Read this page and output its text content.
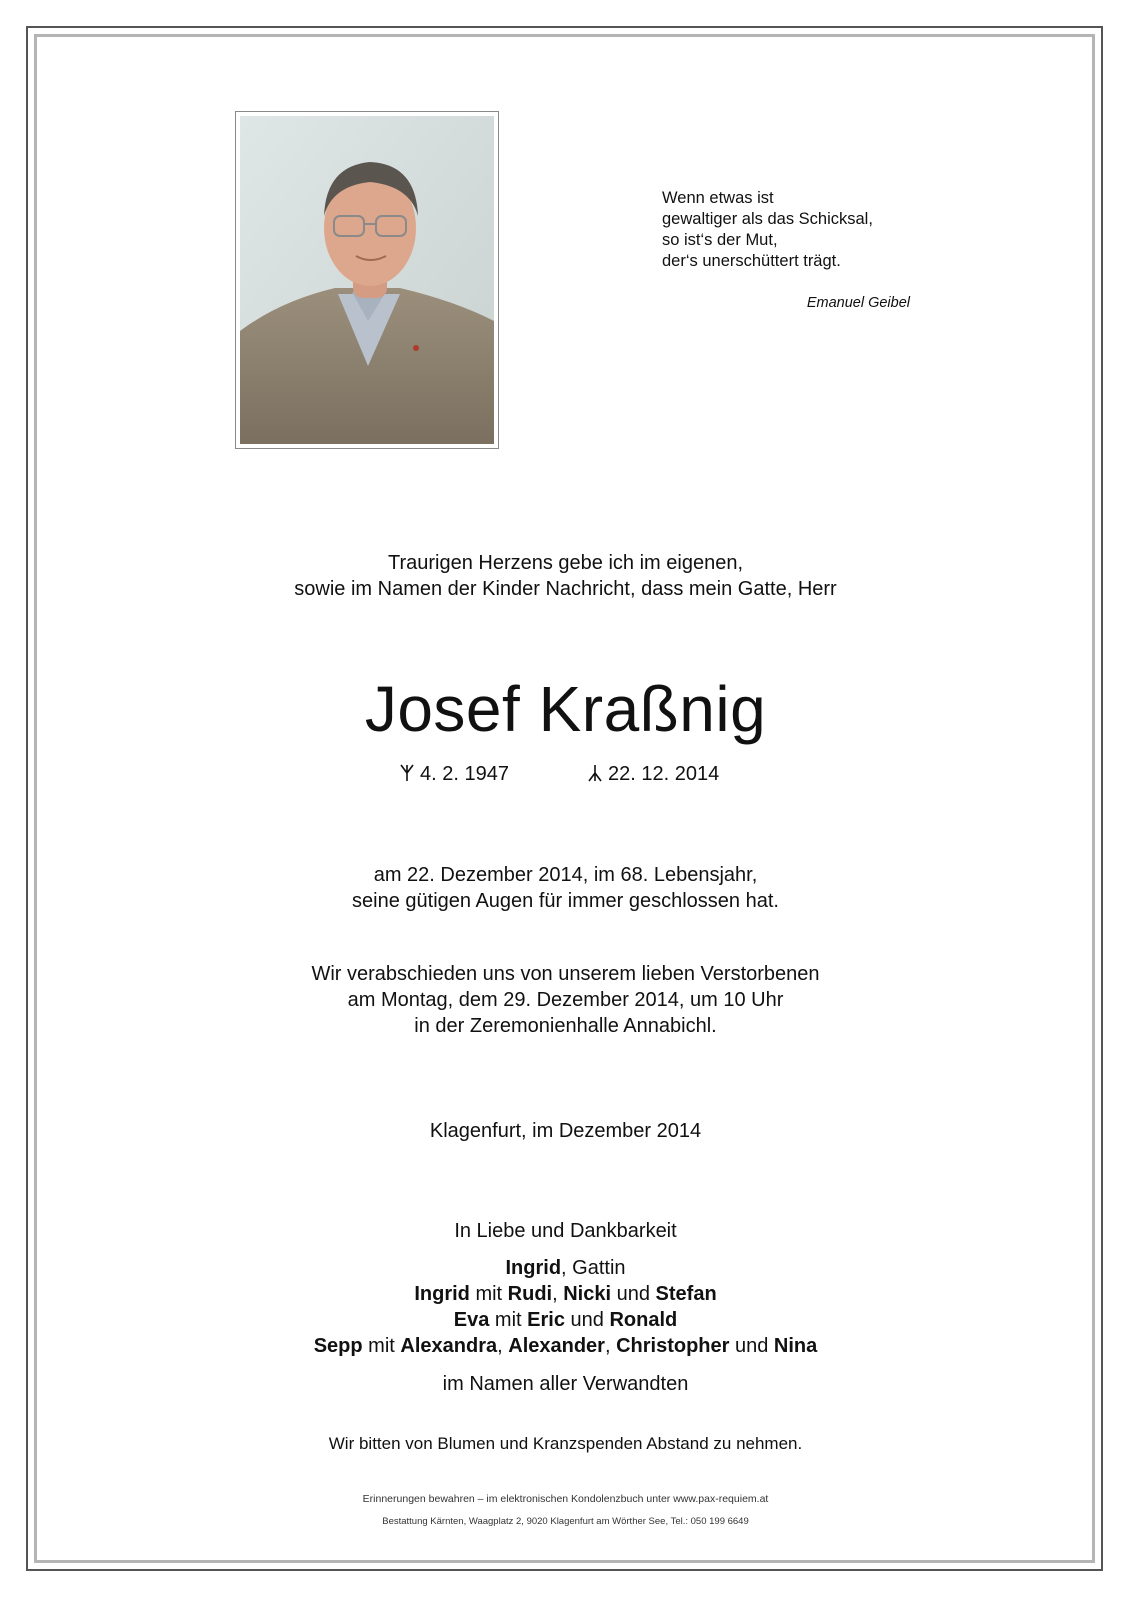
Wenn etwas ist
gewaltiger als das Schicksal,
so ist‘s der Mut,
der‘s unerschüttert trägt.
Emanuel Geibel
Traurigen Herzens gebe ich im eigenen,
sowie im Namen der Kinder Nachricht, dass mein Gatte, Herr
Josef Kraßnig
4. 2. 1947	22. 12. 2014
am 22. Dezember 2014, im 68. Lebensjahr,
seine gütigen Augen für immer geschlossen hat.
Wir verabschieden uns von unserem lieben Verstorbenen
am Montag, dem 29. Dezember 2014, um 10 Uhr
in der Zeremonienhalle Annabichl.
Klagenfurt, im Dezember 2014
In Liebe und Dankbarkeit
Ingrid, Gattin
Ingrid mit Rudi, Nicki und Stefan
Eva mit Eric und Ronald
Sepp mit Alexandra, Alexander, Christopher und Nina
im Namen aller Verwandten
Wir bitten von Blumen und Kranzspenden Abstand zu nehmen.
Erinnerungen bewahren – im elektronischen Kondolenzbuch unter www.pax-requiem.at
Bestattung Kärnten, Waagplatz 2, 9020 Klagenfurt am Wörther See, Tel.: 050 199 6649
